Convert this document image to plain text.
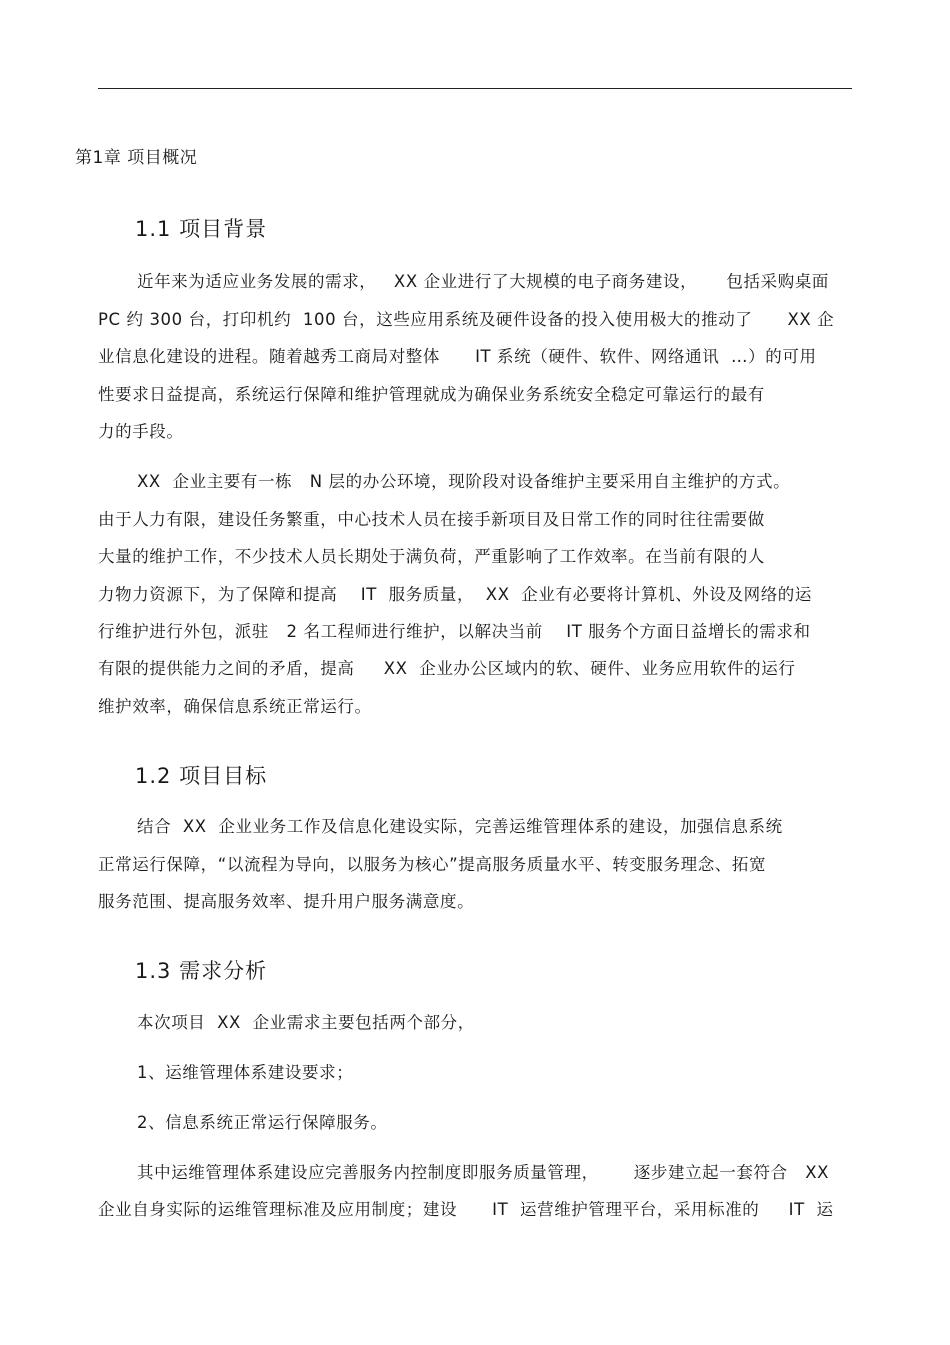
第1章 项目概况
1.1 项目背景
近年来为适应业务发展的需求，   XX 企业进行了大规模的电子商务建设，     包括采购桌面
PC 约 300 台，打印机约  100 台，这些应用系统及硬件设备的投入使用极大的推动了      XX 企
业信息化建设的进程。随着越秀工商局对整体      IT 系统（硬件、软件、网络通讯  …）的可用
性要求日益提高，系统运行保障和维护管理就成为确保业务系统安全稳定可靠运行的最有
力的手段。
XX  企业主要有一栋   N 层的办公环境，现阶段对设备维护主要采用自主维护的方式。
由于人力有限，建设任务繁重，中心技术人员在接手新项目及日常工作的同时往往需要做
大量的维护工作，不少技术人员长期处于满负荷，严重影响了工作效率。在当前有限的人
力物力资源下，为了保障和提高    IT  服务质量，  XX  企业有必要将计算机、外设及网络的运
行维护进行外包，派驻   2 名工程师进行维护，以解决当前    IT 服务个方面日益增长的需求和
有限的提供能力之间的矛盾，提高     XX  企业办公区域内的软、硬件、业务应用软件的运行
维护效率，确保信息系统正常运行。
1.2 项目目标
结合  XX  企业业务工作及信息化建设实际，完善运维管理体系的建设，加强信息系统
正常运行保障，“以流程为导向，以服务为核心”提高服务质量水平、转变服务理念、拓宽
服务范围、提高服务效率、提升用户服务满意度。
1.3 需求分析
本次项目  XX  企业需求主要包括两个部分，
1、运维管理体系建设要求；
2、信息系统正常运行保障服务。
其中运维管理体系建设应完善服务内控制度即服务质量管理，      逐步建立起一套符合   XX
企业自身实际的运维管理标准及应用制度；建设      IT  运营维护管理平台，采用标准的     IT  运
